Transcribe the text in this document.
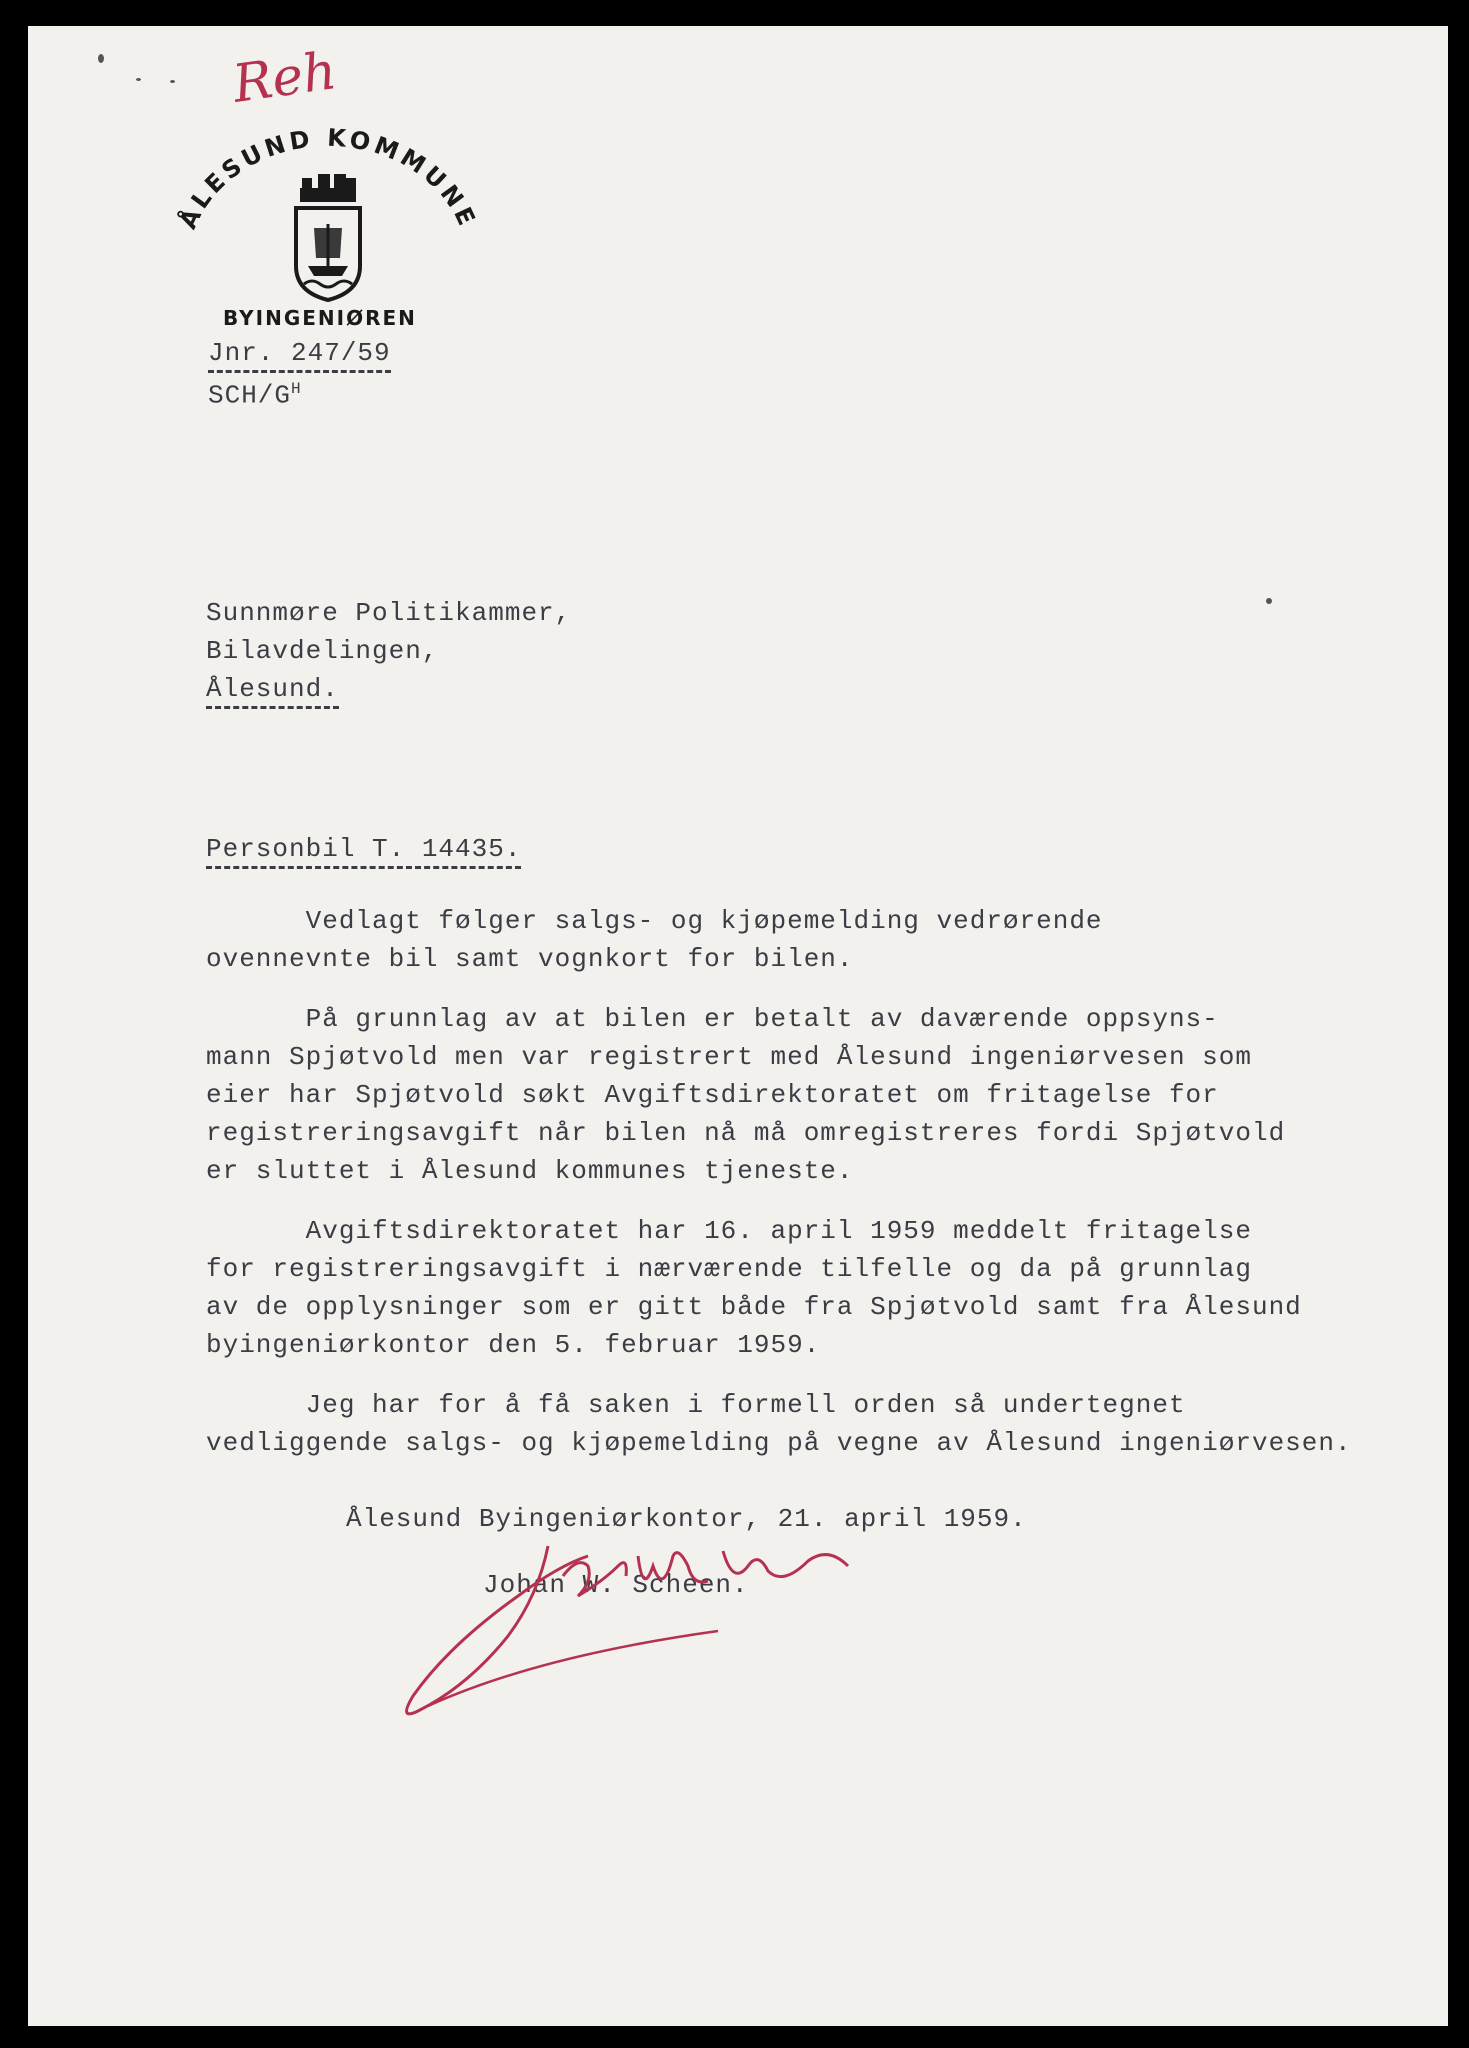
Reh
ÅLESUND KOMMUNE

BYINGENIØREN

Jnr. 247/59

SCH/$G^H$

Sunnmøre Politikammer,

Bilavdelingen,

Ålesund.

Personbil T. 14435.

Vedlagt følger salgs- og kjøpemelding vedrørende

ovennevnte bil samt vognkort for bilen.

På grunnlag av at bilen er betalt av daværende oppsyns-

mann Spjøtvold men var registrert med Ålesund ingeniørvesen som

eier har Spjøtvold søkt Avgiftsdirektoratet om fritagelse for

registreringsavgift når bilen nå må omregistreres fordi Spjøtvold

er sluttet i Ålesund kommunes tjeneste.

Avgiftsdirektoratet har 16. april 1959 meddelt fritagelse

for registreringsavgift i nærværende tilfelle og da på grunnlag

av de opplysninger som er gitt både fra Spjøtvold samt fra Ålesund

byingeniørkontor den 5. februar 1959.

Jeg har for å få saken i formell orden så undertegnet

vedliggende salgs- og kjøpemelding på vegne av Ålesund ingeniørvesen.

Ålesund Byingeniørkontor, 21. april 1959.

Johan W. Scheen.
